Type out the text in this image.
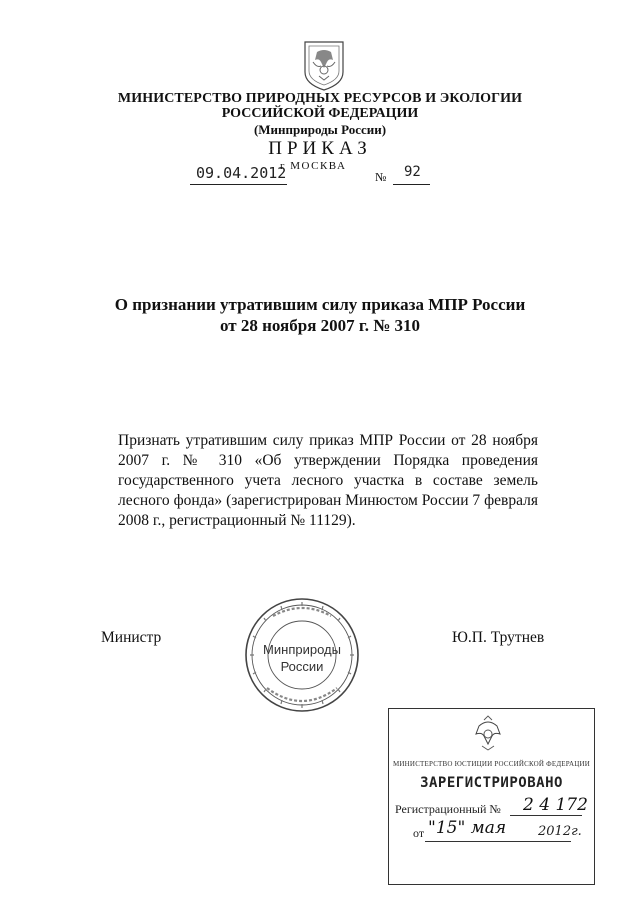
МИНИСТЕРСТВО ПРИРОДНЫХ РЕСУРСОВ И ЭКОЛОГИИ
РОССИЙСКОЙ ФЕДЕРАЦИИ
(Минприроды России)
ПРИКАЗ
09.04.2012
г МОСКВА
№ 92
О признании утратившим силу приказа МПР России
от 28 ноября 2007 г. № 310
Признать утратившим силу приказ МПР России от 28 ноября 2007 г. № 310 «Об утверждении Порядка проведения государственного учета лесного участка в составе земель лесного фонда» (зарегистрирован Минюстом России 7 февраля 2008 г., регистрационный № 11129).
Министр
Минприроды
России
Ю.П. Трутнев
МИНИСТЕРСТВО ЮСТИЦИИ РОССИЙСКОЙ ФЕДЕРАЦИИ
ЗАРЕГИСТРИРОВАНО
Регистрационный № 2 4 172
от "15" мая 2012г.
